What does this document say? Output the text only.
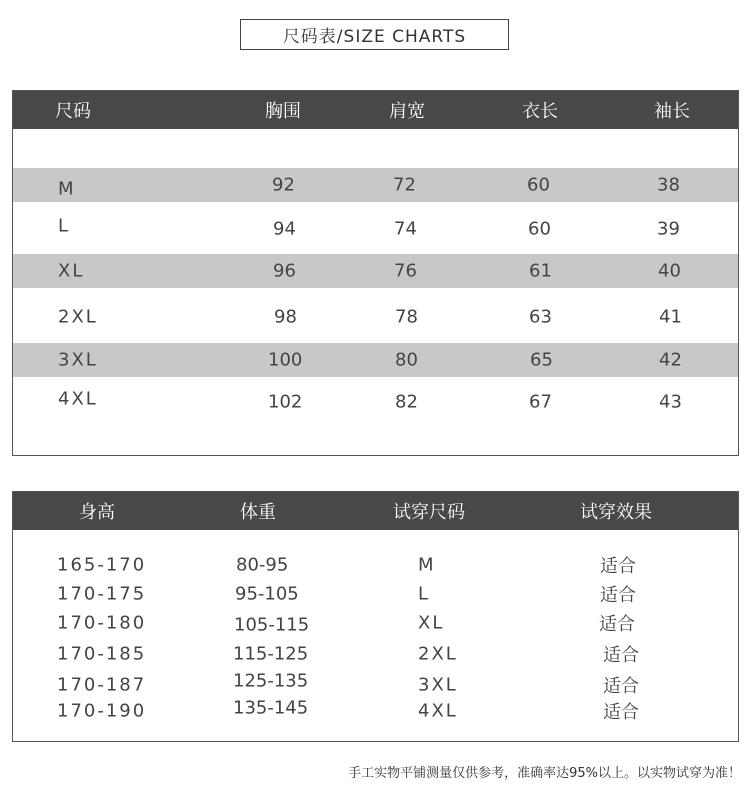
尺码表/SIZE CHARTS
尺码	胸围	肩宽	衣长	袖长
M	92	72	60	38
L	94	74	60	39
XL	96	76	61	40
2XL	98	78	63	41
3XL	100	80	65	42
4XL	102	82	67	43
身高	体重	试穿尺码	试穿效果
165-170	80-95	M	适合
170-175	95-105	L	适合
170-180	105-115	XL	适合
170-185	115-125	2XL	适合
170-187	125-135	3XL	适合
170-190	135-145	4XL	适合
手工实物平铺测量仅供参考，准确率达95%以上。以实物试穿为准！
